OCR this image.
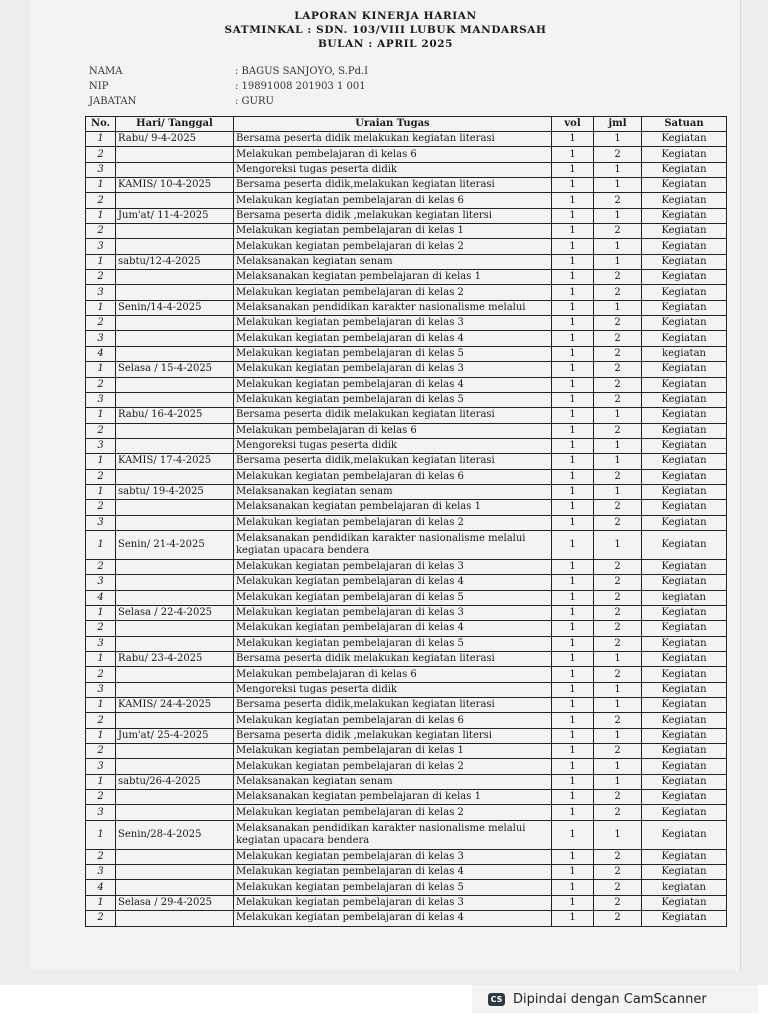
LAPORAN KINERJA HARIAN
SATMINKAL : SDN. 103/VIII LUBUK MANDARSAH
BULAN : APRIL 2025
NAMA	: BAGUS SANJOYO, S.Pd.I
NIP	: 19891008 201903 1 001
JABATAN	: GURU
No.	Hari/ Tanggal	Uraian Tugas	vol	jml	Satuan
1	Rabu/ 9-4-2025	Bersama peserta didik melakukan kegiatan literasi	1	1	Kegiatan
2		Melakukan pembelajaran di kelas 6	1	2	Kegiatan
3		Mengoreksi tugas peserta didik	1	1	Kegiatan
1	KAMIS/ 10-4-2025	Bersama peserta didik,melakukan kegiatan literasi	1	1	Kegiatan
2		Melakukan kegiatan pembelajaran di kelas 6	1	2	Kegiatan
1	Jum'at/ 11-4-2025	Bersama peserta didik ,melakukan kegiatan litersi	1	1	Kegiatan
2		Melakukan kegiatan pembelajaran di kelas 1	1	2	Kegiatan
3		Melakukan kegiatan pembelajaran di kelas 2	1	1	Kegiatan
1	sabtu/12-4-2025	Melaksanakan kegiatan senam	1	1	Kegiatan
2		Melaksanakan kegiatan pembelajaran di kelas 1	1	2	Kegiatan
3		Melakukan kegiatan pembelajaran di kelas 2	1	2	Kegiatan
1	Senin/14-4-2025	Melaksanakan pendidikan karakter nasionalisme melalui	1	1	Kegiatan
2		Melakukan kegiatan pembelajaran di kelas 3	1	2	Kegiatan
3		Melakukan kegiatan pembelajaran di kelas 4	1	2	Kegiatan
4		Melakukan kegiatan pembelajaran di kelas 5	1	2	kegiatan
1	Selasa / 15-4-2025	Melakukan kegiatan pembelajaran di kelas 3	1	2	Kegiatan
2		Melakukan kegiatan pembelajaran di kelas 4	1	2	Kegiatan
3		Melakukan kegiatan pembelajaran di kelas 5	1	2	Kegiatan
1	Rabu/ 16-4-2025	Bersama peserta didik melakukan kegiatan literasi	1	1	Kegiatan
2		Melakukan pembelajaran di kelas 6	1	2	Kegiatan
3		Mengoreksi tugas peserta didik	1	1	Kegiatan
1	KAMIS/ 17-4-2025	Bersama peserta didik,melakukan kegiatan literasi	1	1	Kegiatan
2		Melakukan kegiatan pembelajaran di kelas 6	1	2	Kegiatan
1	sabtu/ 19-4-2025	Melaksanakan kegiatan senam	1	1	Kegiatan
2		Melaksanakan kegiatan pembelajaran di kelas 1	1	2	Kegiatan
3		Melakukan kegiatan pembelajaran di kelas 2	1	2	Kegiatan
1	Senin/ 21-4-2025	Melaksanakan pendidikan karakter nasionalisme melalui kegiatan upacara bendera	1	1	Kegiatan
2		Melakukan kegiatan pembelajaran di kelas 3	1	2	Kegiatan
3		Melakukan kegiatan pembelajaran di kelas 4	1	2	Kegiatan
4		Melakukan kegiatan pembelajaran di kelas 5	1	2	kegiatan
1	Selasa / 22-4-2025	Melakukan kegiatan pembelajaran di kelas 3	1	2	Kegiatan
2		Melakukan kegiatan pembelajaran di kelas 4	1	2	Kegiatan
3		Melakukan kegiatan pembelajaran di kelas 5	1	2	Kegiatan
1	Rabu/ 23-4-2025	Bersama peserta didik melakukan kegiatan literasi	1	1	Kegiatan
2		Melakukan pembelajaran di kelas 6	1	2	Kegiatan
3		Mengoreksi tugas peserta didik	1	1	Kegiatan
1	KAMIS/ 24-4-2025	Bersama peserta didik,melakukan kegiatan literasi	1	1	Kegiatan
2		Melakukan kegiatan pembelajaran di kelas 6	1	2	Kegiatan
1	Jum'at/ 25-4-2025	Bersama peserta didik ,melakukan kegiatan litersi	1	1	Kegiatan
2		Melakukan kegiatan pembelajaran di kelas 1	1	2	Kegiatan
3		Melakukan kegiatan pembelajaran di kelas 2	1	1	Kegiatan
1	sabtu/26-4-2025	Melaksanakan kegiatan senam	1	1	Kegiatan
2		Melaksanakan kegiatan pembelajaran di kelas 1	1	2	Kegiatan
3		Melakukan kegiatan pembelajaran di kelas 2	1	2	Kegiatan
1	Senin/28-4-2025	Melaksanakan pendidikan karakter nasionalisme melalui kegiatan upacara bendera	1	1	Kegiatan
2		Melakukan kegiatan pembelajaran di kelas 3	1	2	Kegiatan
3		Melakukan kegiatan pembelajaran di kelas 4	1	2	Kegiatan
4		Melakukan kegiatan pembelajaran di kelas 5	1	2	kegiatan
1	Selasa / 29-4-2025	Melakukan kegiatan pembelajaran di kelas 3	1	2	Kegiatan
2		Melakukan kegiatan pembelajaran di kelas 4	1	2	Kegiatan
CS Dipindai dengan CamScanner
